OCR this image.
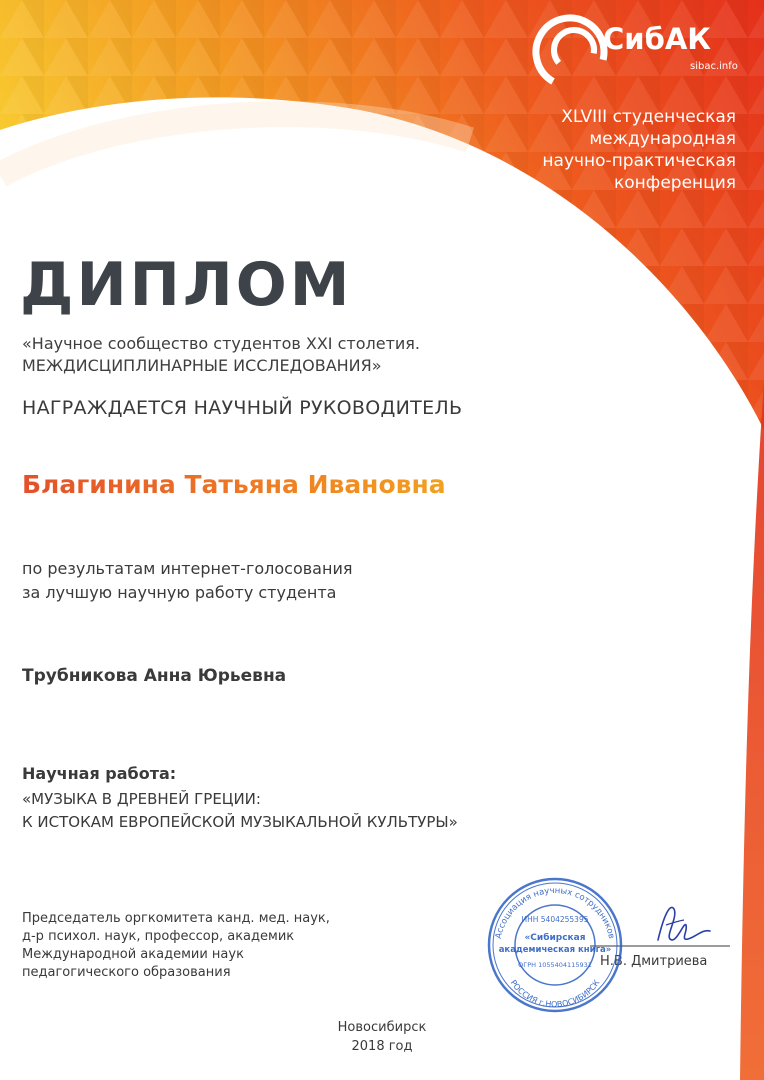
СибАК
sibac.info
XLVIII студенческая
международная
научно-практическая
конференция
ДИПЛОМ
«Научное сообщество студентов XXI столетия.
МЕЖДИСЦИПЛИНАРНЫЕ ИССЛЕДОВАНИЯ»
НАГРАЖДАЕТСЯ НАУЧНЫЙ РУКОВОДИТЕЛЬ
Благинина Татьяна Ивановна
по результатам интернет-голосования
за лучшую научную работу студента
Трубникова Анна Юрьевна
Научная работа:
«МУЗЫКА В ДРЕВНЕЙ ГРЕЦИИ:
К ИСТОКАМ ЕВРОПЕЙСКОЙ МУЗЫКАЛЬНОЙ КУЛЬТУРЫ»
Председатель оргкомитета канд. мед. наук,
д-р психол. наук, профессор, академик
Международной академии наук
педагогического образования
Н.В. Дмитриева
Ассоциация научных сотрудников
РОССИЯ г.НОВОСИБИРСК
ИНН 5404255395
«Сибирская
академическая книга»
ОГРН 1055404115931
Новосибирск
2018 год
